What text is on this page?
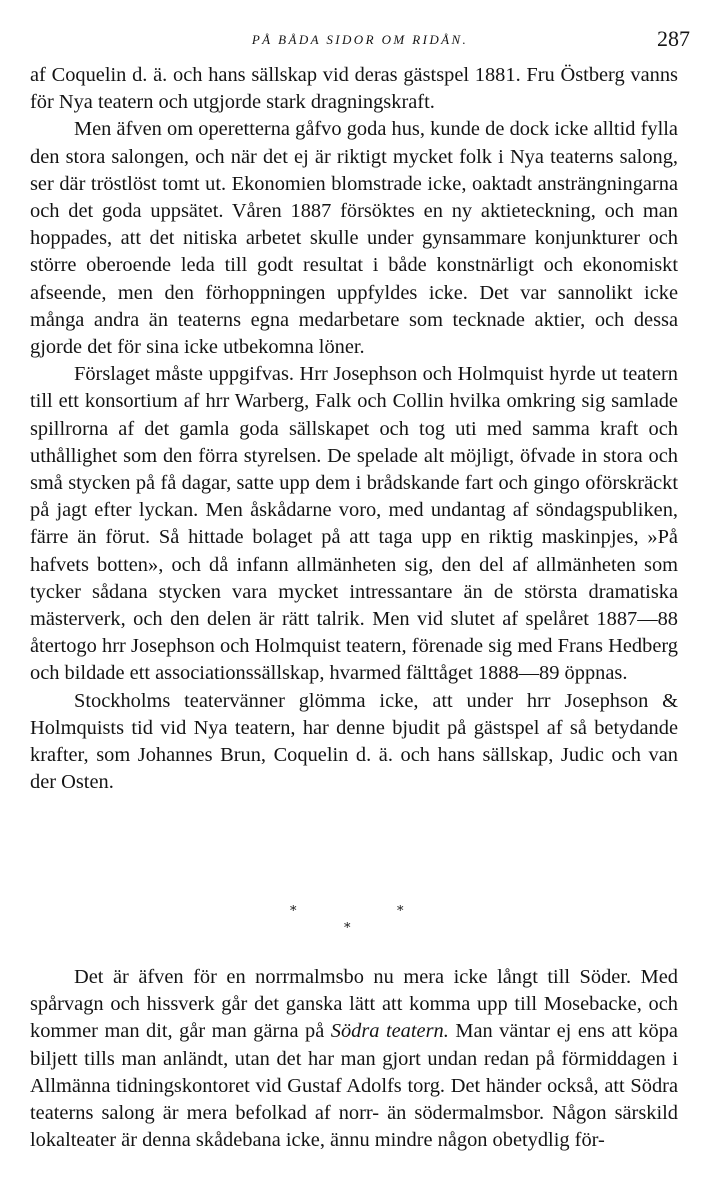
PÅ BÅDA SIDOR OM RIDÅN.	287

af Coquelin d. ä. och hans sällskap vid deras gästspel 1881. Fru Östberg vanns för Nya teatern och utgjorde stark dragningskraft.

Men äfven om operetterna gåfvo goda hus, kunde de dock icke alltid fylla den stora salongen, och när det ej är riktigt mycket folk i Nya teaterns salong, ser där tröstlöst tomt ut. Ekonomien blomstrade icke, oaktadt ansträngningarna och det goda uppsätet. Våren 1887 försöktes en ny aktieteckning, och man hoppades, att det nitiska arbetet skulle under gynsammare konjunkturer och större oberoende leda till godt resultat i både konstnärligt och ekonomiskt afseende, men den förhoppningen uppfyldes icke. Det var sannolikt icke många andra än teaterns egna medarbetare som tecknade aktier, och dessa gjorde det för sina icke utbekomna löner.

Förslaget måste uppgifvas. Hrr Josephson och Holmquist hyrde ut teatern till ett konsortium af hrr Warberg, Falk och Collin hvilka omkring sig samlade spillrorna af det gamla goda sällskapet och tog uti med samma kraft och uthållighet som den förra styrelsen. De spelade alt möjligt, öfvade in stora och små stycken på få dagar, satte upp dem i brådskande fart och gingo oförskräckt på jagt efter lyckan. Men åskådarne voro, med undantag af söndagspubliken, färre än förut. Så hittade bolaget på att taga upp en riktig maskinpjes, »På hafvets botten», och då infann allmänheten sig, den del af allmänheten som tycker sådana stycken vara mycket intressantare än de största dramatiska mästerverk, och den delen är rätt talrik. Men vid slutet af spelåret 1887—88 återtogo hrr Josephson och Holmquist teatern, förenade sig med Frans Hedberg och bildade ett associationssällskap, hvarmed fälttåget 1888—89 öppnas.

Stockholms teatervänner glömma icke, att under hrr Josephson & Holmquists tid vid Nya teatern, har denne bjudit på gästspel af så betydande krafter, som Johannes Brun, Coquelin d. ä. och hans sällskap, Judic och van der Osten.

*	*
*

Det är äfven för en norrmalmsbo nu mera icke långt till Söder. Med spårvagn och hissverk går det ganska lätt att komma upp till Mosebacke, och kommer man dit, går man gärna på Södra teatern. Man väntar ej ens att köpa biljett tills man anländt, utan det har man gjort undan redan på förmiddagen i Allmänna tidningskontoret vid Gustaf Adolfs torg. Det händer också, att Södra teaterns salong är mera befolkad af norr- än södermalmsbor. Någon särskild lokalteater är denna skådebana icke, ännu mindre någon obetydlig för-
